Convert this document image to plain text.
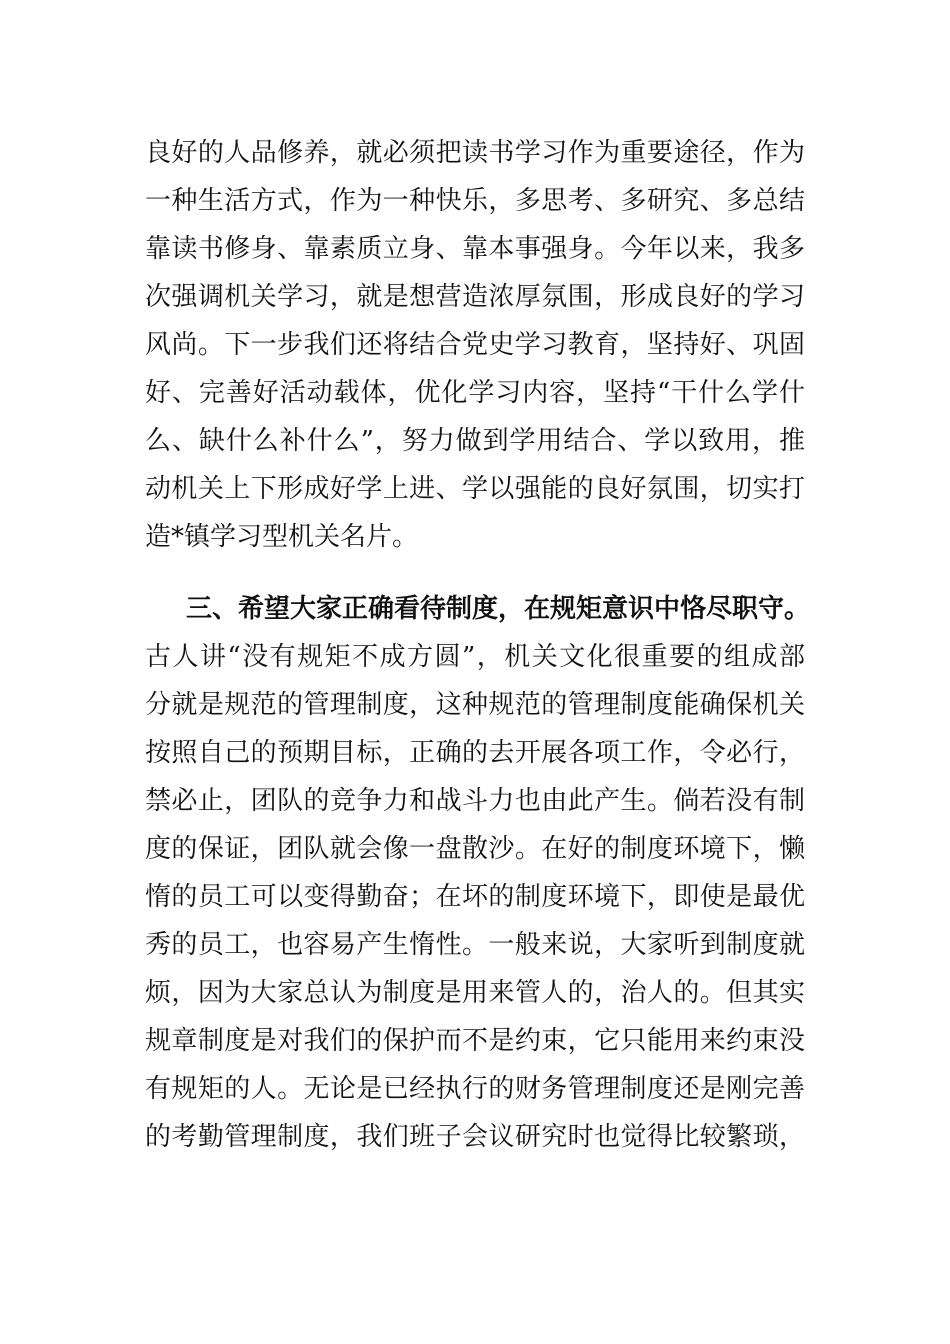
良好的人品修养，就必须把读书学习作为重要途径，作为
一种生活方式，作为一种快乐，多思考、多研究、多总结
靠读书修身、靠素质立身、靠本事强身。今年以来，我多
次强调机关学习，就是想营造浓厚氛围，形成良好的学习
风尚。下一步我们还将结合党史学习教育，坚持好、巩固
好、完善好活动载体，优化学习内容，坚持“干什么学什
么、缺什么补什么”，努力做到学用结合、学以致用，推
动机关上下形成好学上进、学以强能的良好氛围，切实打
造*镇学习型机关名片。
三、希望大家正确看待制度，在规矩意识中恪尽职守。
古人讲“没有规矩不成方圆”，机关文化很重要的组成部
分就是规范的管理制度，这种规范的管理制度能确保机关
按照自己的预期目标，正确的去开展各项工作，令必行，
禁必止，团队的竞争力和战斗力也由此产生。倘若没有制
度的保证，团队就会像一盘散沙。在好的制度环境下，懒
惰的员工可以变得勤奋；在坏的制度环境下，即使是最优
秀的员工，也容易产生惰性。一般来说，大家听到制度就
烦，因为大家总认为制度是用来管人的，治人的。但其实
规章制度是对我们的保护而不是约束，它只能用来约束没
有规矩的人。无论是已经执行的财务管理制度还是刚完善
的考勤管理制度，我们班子会议研究时也觉得比较繁琐，
